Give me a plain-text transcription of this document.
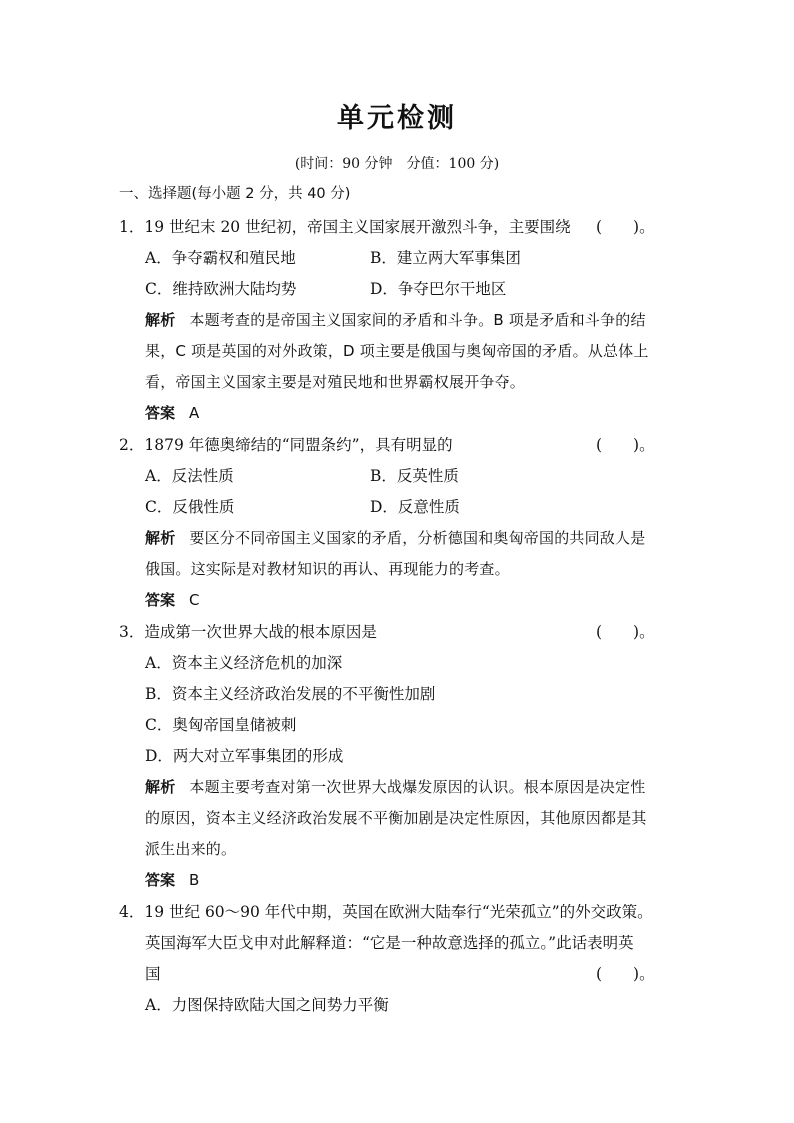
单元检测
(时间：90 分钟　分值：100 分)
一、选择题(每小题 2 分，共 40 分)
1．19 世纪末 20 世纪初，帝国主义国家展开激烈斗争，主要围绕 (　　)。
A．争夺霸权和殖民地	B．建立两大军事集团
C．维持欧洲大陆均势	D．争夺巴尔干地区
解析 本题考查的是帝国主义国家间的矛盾和斗争。B 项是矛盾和斗争的结
果，C 项是英国的对外政策，D 项主要是俄国与奥匈帝国的矛盾。从总体上
看，帝国主义国家主要是对殖民地和世界霸权展开争夺。
答案 A
2．1879 年德奥缔结的“同盟条约”，具有明显的	(　　)。
A．反法性质	B．反英性质
C．反俄性质	D．反意性质
解析 要区分不同帝国主义国家的矛盾，分析德国和奥匈帝国的共同敌人是
俄国。这实际是对教材知识的再认、再现能力的考查。
答案 C
3．造成第一次世界大战的根本原因是	(　　)。
A．资本主义经济危机的加深
B．资本主义经济政治发展的不平衡性加剧
C．奥匈帝国皇储被刺
D．两大对立军事集团的形成
解析 本题主要考查对第一次世界大战爆发原因的认识。根本原因是决定性
的原因，资本主义经济政治发展不平衡加剧是决定性原因，其他原因都是其
派生出来的。
答案 B
4．19 世纪 60～90 年代中期，英国在欧洲大陆奉行“光荣孤立”的外交政策。
英国海军大臣戈申对此解释道：“它是一种故意选择的孤立。”此话表明英
国	(　　)。
A．力图保持欧陆大国之间势力平衡
